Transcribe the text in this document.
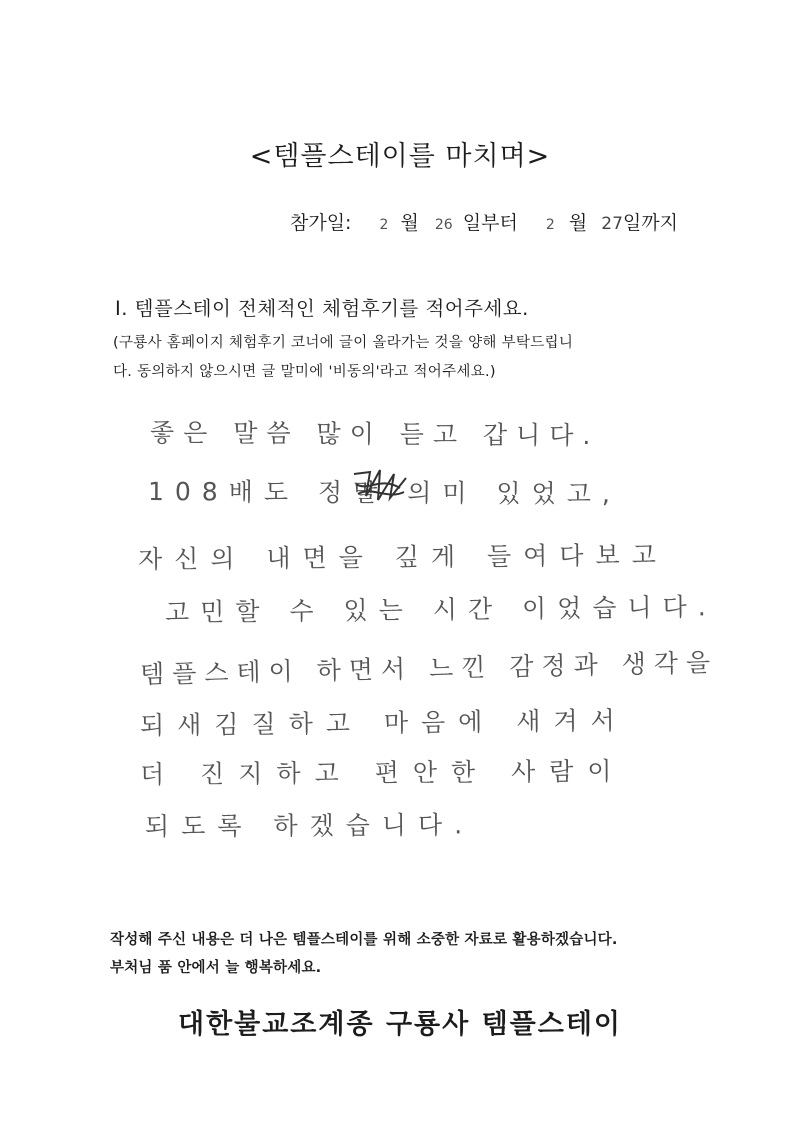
<템플스테이를 마치며>
참가일: 2 월 26 일부터 2 월 27일까지
I. 템플스테이 전체적인 체험후기를 적어주세요.
(구룡사 홈페이지 체험후기 코너에 글이 올라가는 것을 양해 부탁드립니
다. 동의하지 않으시면 글 말미에 '비동의'라고 적어주세요.)
좋은 말씀 많이 듣고 갑니다.
108배도 정말 의미 있었고,
자신의 내면을 깊게 들여다보고
고민할 수 있는 시간 이었습니다.
템플스테이 하면서 느낀 감정과 생각을
되새김질하고 마음에 새겨서
더 진지하고 편안한 사람이
되도록 하겠습니다.
작성해 주신 내용은 더 나은 템플스테이를 위해 소중한 자료로 활용하겠습니다.
부처님 품 안에서 늘 행복하세요.
대한불교조계종 구룡사 템플스테이
